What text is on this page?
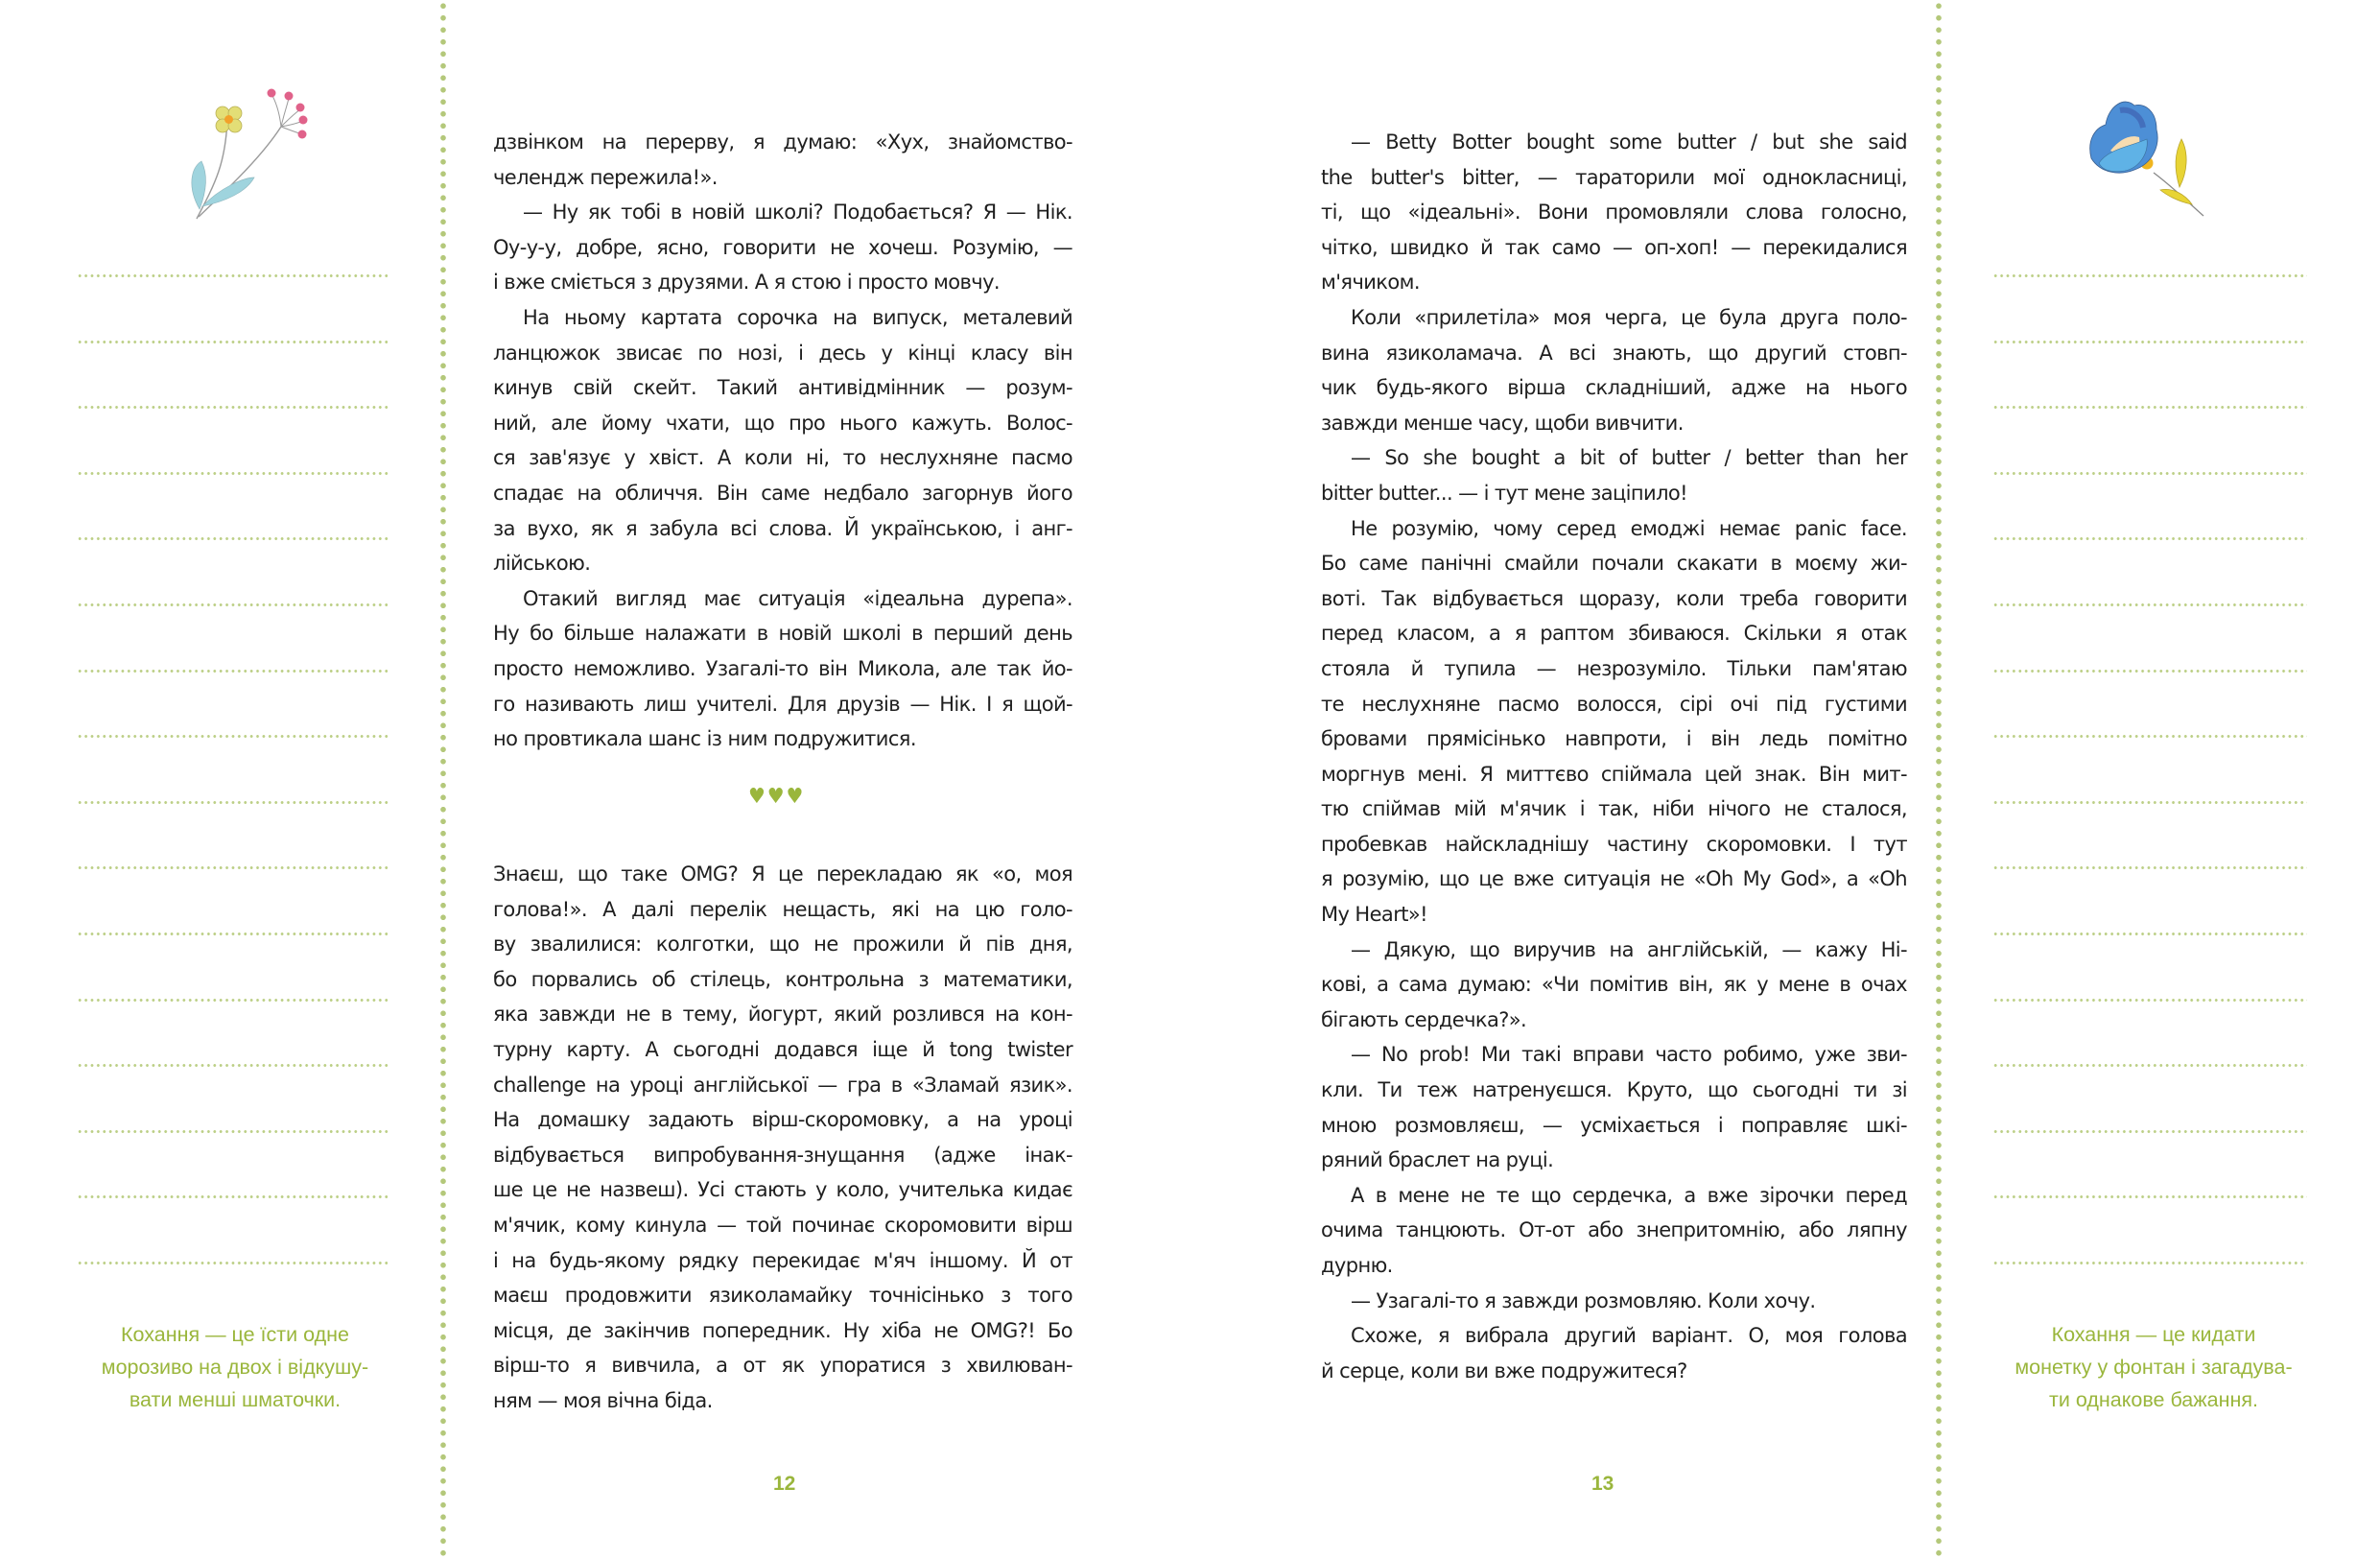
Кохання — це їсти одне
морозиво на двох і відкушу-
вати менші шматочки.
дзвінком на перерву, я думаю: «Хух, знайомство-
челендж пережила!».
— Ну як тобі в новій школі? Подобається? Я — Нік.
Оу-у-у, добре, ясно, говорити не хочеш. Розумію, —
і вже сміється з друзями. А я стою і просто мовчу.
На ньому картата сорочка на випуск, металевий
ланцюжок звисає по нозі, і десь у кінці класу він
кинув свій скейт. Такий антивідмінник — розум-
ний, але йому чхати, що про нього кажуть. Волос-
ся зав'язує у хвіст. А коли ні, то неслухняне пасмо
спадає на обличчя. Він саме недбало загорнув його
за вухо, як я забула всі слова. Й українською, і анг-
лійською.
Отакий вигляд має ситуація «ідеальна дурепа».
Ну бо більше налажати в новій школі в перший день
просто неможливо. Узагалі-то він Микола, але так йо-
го називають лиш учителі. Для друзів — Нік. І я щой-
но провтикала шанс із ним подружитися.
♥♥♥
Знаєш, що таке OMG? Я це перекладаю як «о, моя
голова!». А далі перелік нещасть, які на цю голо-
ву звалилися: колготки, що не прожили й пів дня,
бо порвались об стілець, контрольна з математики,
яка завжди не в тему, йогурт, який розлився на кон-
турну карту. А сьогодні додався іще й tong twister
challenge на уроці англійської — гра в «Зламай язик».
На домашку задають вірш-скоромовку, а на уроці
відбувається випробування-знущання (адже інак-
ше це не назвеш). Усі стають у коло, учителька кидає
м'ячик, кому кинула — той починає скоромовити вірш
і на будь-якому рядку перекидає м'яч іншому. Й от
маєш продовжити язиколамайку точнісінько з того
місця, де закінчив попередник. Ну хіба не OMG?! Бо
вірш-то я вивчила, а от як упоратися з хвилюван-
ням — моя вічна біда.
12
— Betty Botter bought some butter / but she said
the butter's bitter, — тараторили мої однокласниці,
ті, що «ідеальні». Вони промовляли слова голосно,
чітко, швидко й так само — оп-хоп! — перекидалися
м'ячиком.
Коли «прилетіла» моя черга, це була друга поло-
вина язиколамача. А всі знають, що другий стовп-
чик будь-якого вірша складніший, адже на нього
завжди менше часу, щоби вивчити.
— So she bought a bit of butter / better than her
bitter butter... — і тут мене заціпило!
Не розумію, чому серед емоджі немає panic face.
Бо саме панічні смайли почали скакати в моєму жи-
воті. Так відбувається щоразу, коли треба говорити
перед класом, а я раптом збиваюся. Скільки я отак
стояла й тупила — незрозуміло. Тільки пам'ятаю
те неслухняне пасмо волосся, сірі очі під густими
бровами прямісінько навпроти, і він ледь помітно
моргнув мені. Я миттєво спіймала цей знак. Він мит-
тю спіймав мій м'ячик і так, ніби нічого не сталося,
пробевкав найскладнішу частину скоромовки. І тут
я розумію, що це вже ситуація не «Oh My God», а «Oh
My Heart»!
— Дякую, що виручив на англійській, — кажу Ні-
кові, а сама думаю: «Чи помітив він, як у мене в очах
бігають сердечка?».
— No prob! Ми такі вправи часто робимо, уже зви-
кли. Ти теж натренуєшся. Круто, що сьогодні ти зі
мною розмовляєш, — усміхається і поправляє шкі-
ряний браслет на руці.
А в мене не те що сердечка, а вже зірочки перед
очима танцюють. От-от або знепритомнію, або ляпну
дурню.
— Узагалі-то я завжди розмовляю. Коли хочу.
Схоже, я вибрала другий варіант. О, моя голова
й серце, коли ви вже подружитеся?
13
Кохання — це кидати
монетку у фонтан і загадува-
ти однакове бажання.
